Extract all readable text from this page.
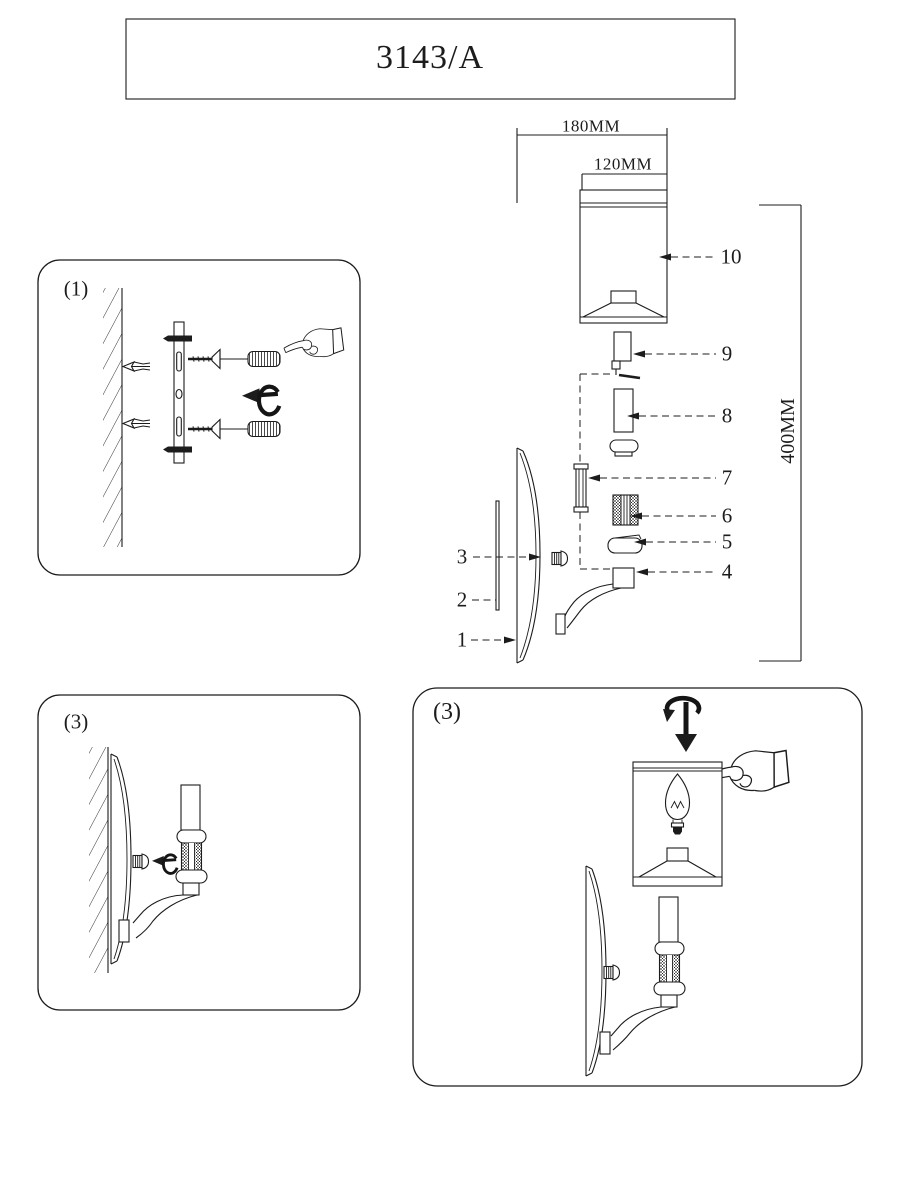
3143/A
180MM
120MM
400MM
10
9
8
7
6
5
4
3
2
1
(1)
(3)	(3)
